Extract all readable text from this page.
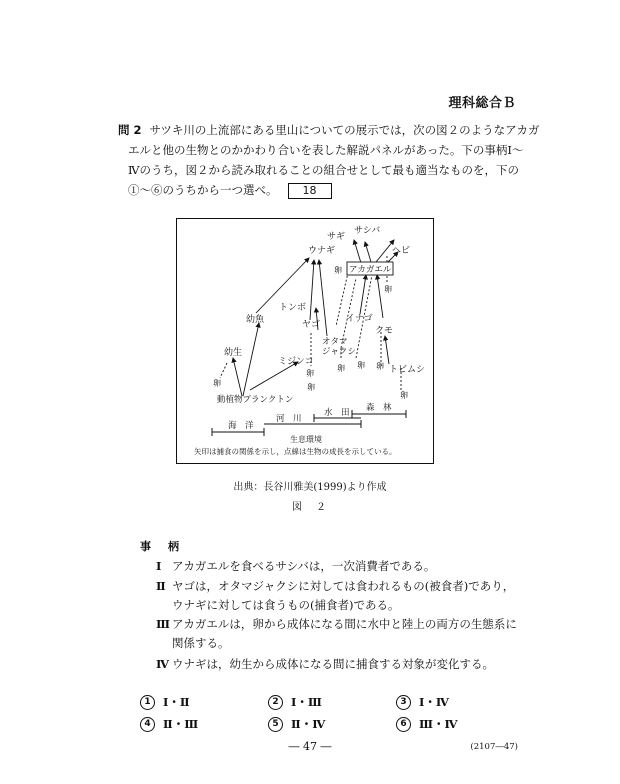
理科総合Ｂ
問 2 サツキ川の上流部にある里山についての展示では，次の図２のようなアカガ
エルと他の生物とのかかわり合いを表した解説パネルがあった。下の事柄Ⅰ～
Ⅳのうち，図２から読み取れることの組合せとして最も適当なものを，下の
①～⑥のうちから一つ選べ。 18
サシバ
サギ
ヘビ
ウナギ
アカガエル
卵
卵
トンボ
ヤゴ
イナゴ
クモ
幼魚
オタマジャクシ
幼生
ミジンコ
卵
卵
卵
卵
トビムシ
卵
卵
卵
動植物プランクトン
海　洋
河　川
水　田 森　林
生息環境
矢印は捕食の関係を示し，点線は生物の成長を示している。
出典：長谷川雅美(1999)より作成
図　２
事　柄
Ⅰ アカガエルを食べるサシバは，一次消費者である。
Ⅱ ヤゴは，オタマジャクシに対しては食われるもの(被食者)であり，ウナギに対しては食うもの(捕食者)である。
Ⅲ アカガエルは，卵から成体になる間に水中と陸上の両方の生態系に関係する。
Ⅳ ウナギは，幼生から成体になる間に捕食する対象が変化する。
1	Ⅰ・Ⅱ	2	Ⅰ・Ⅲ	3	Ⅰ・Ⅳ
4	Ⅱ・Ⅲ	5	Ⅱ・Ⅳ	6	Ⅲ・Ⅳ
― 47 ―	(2107―47)
